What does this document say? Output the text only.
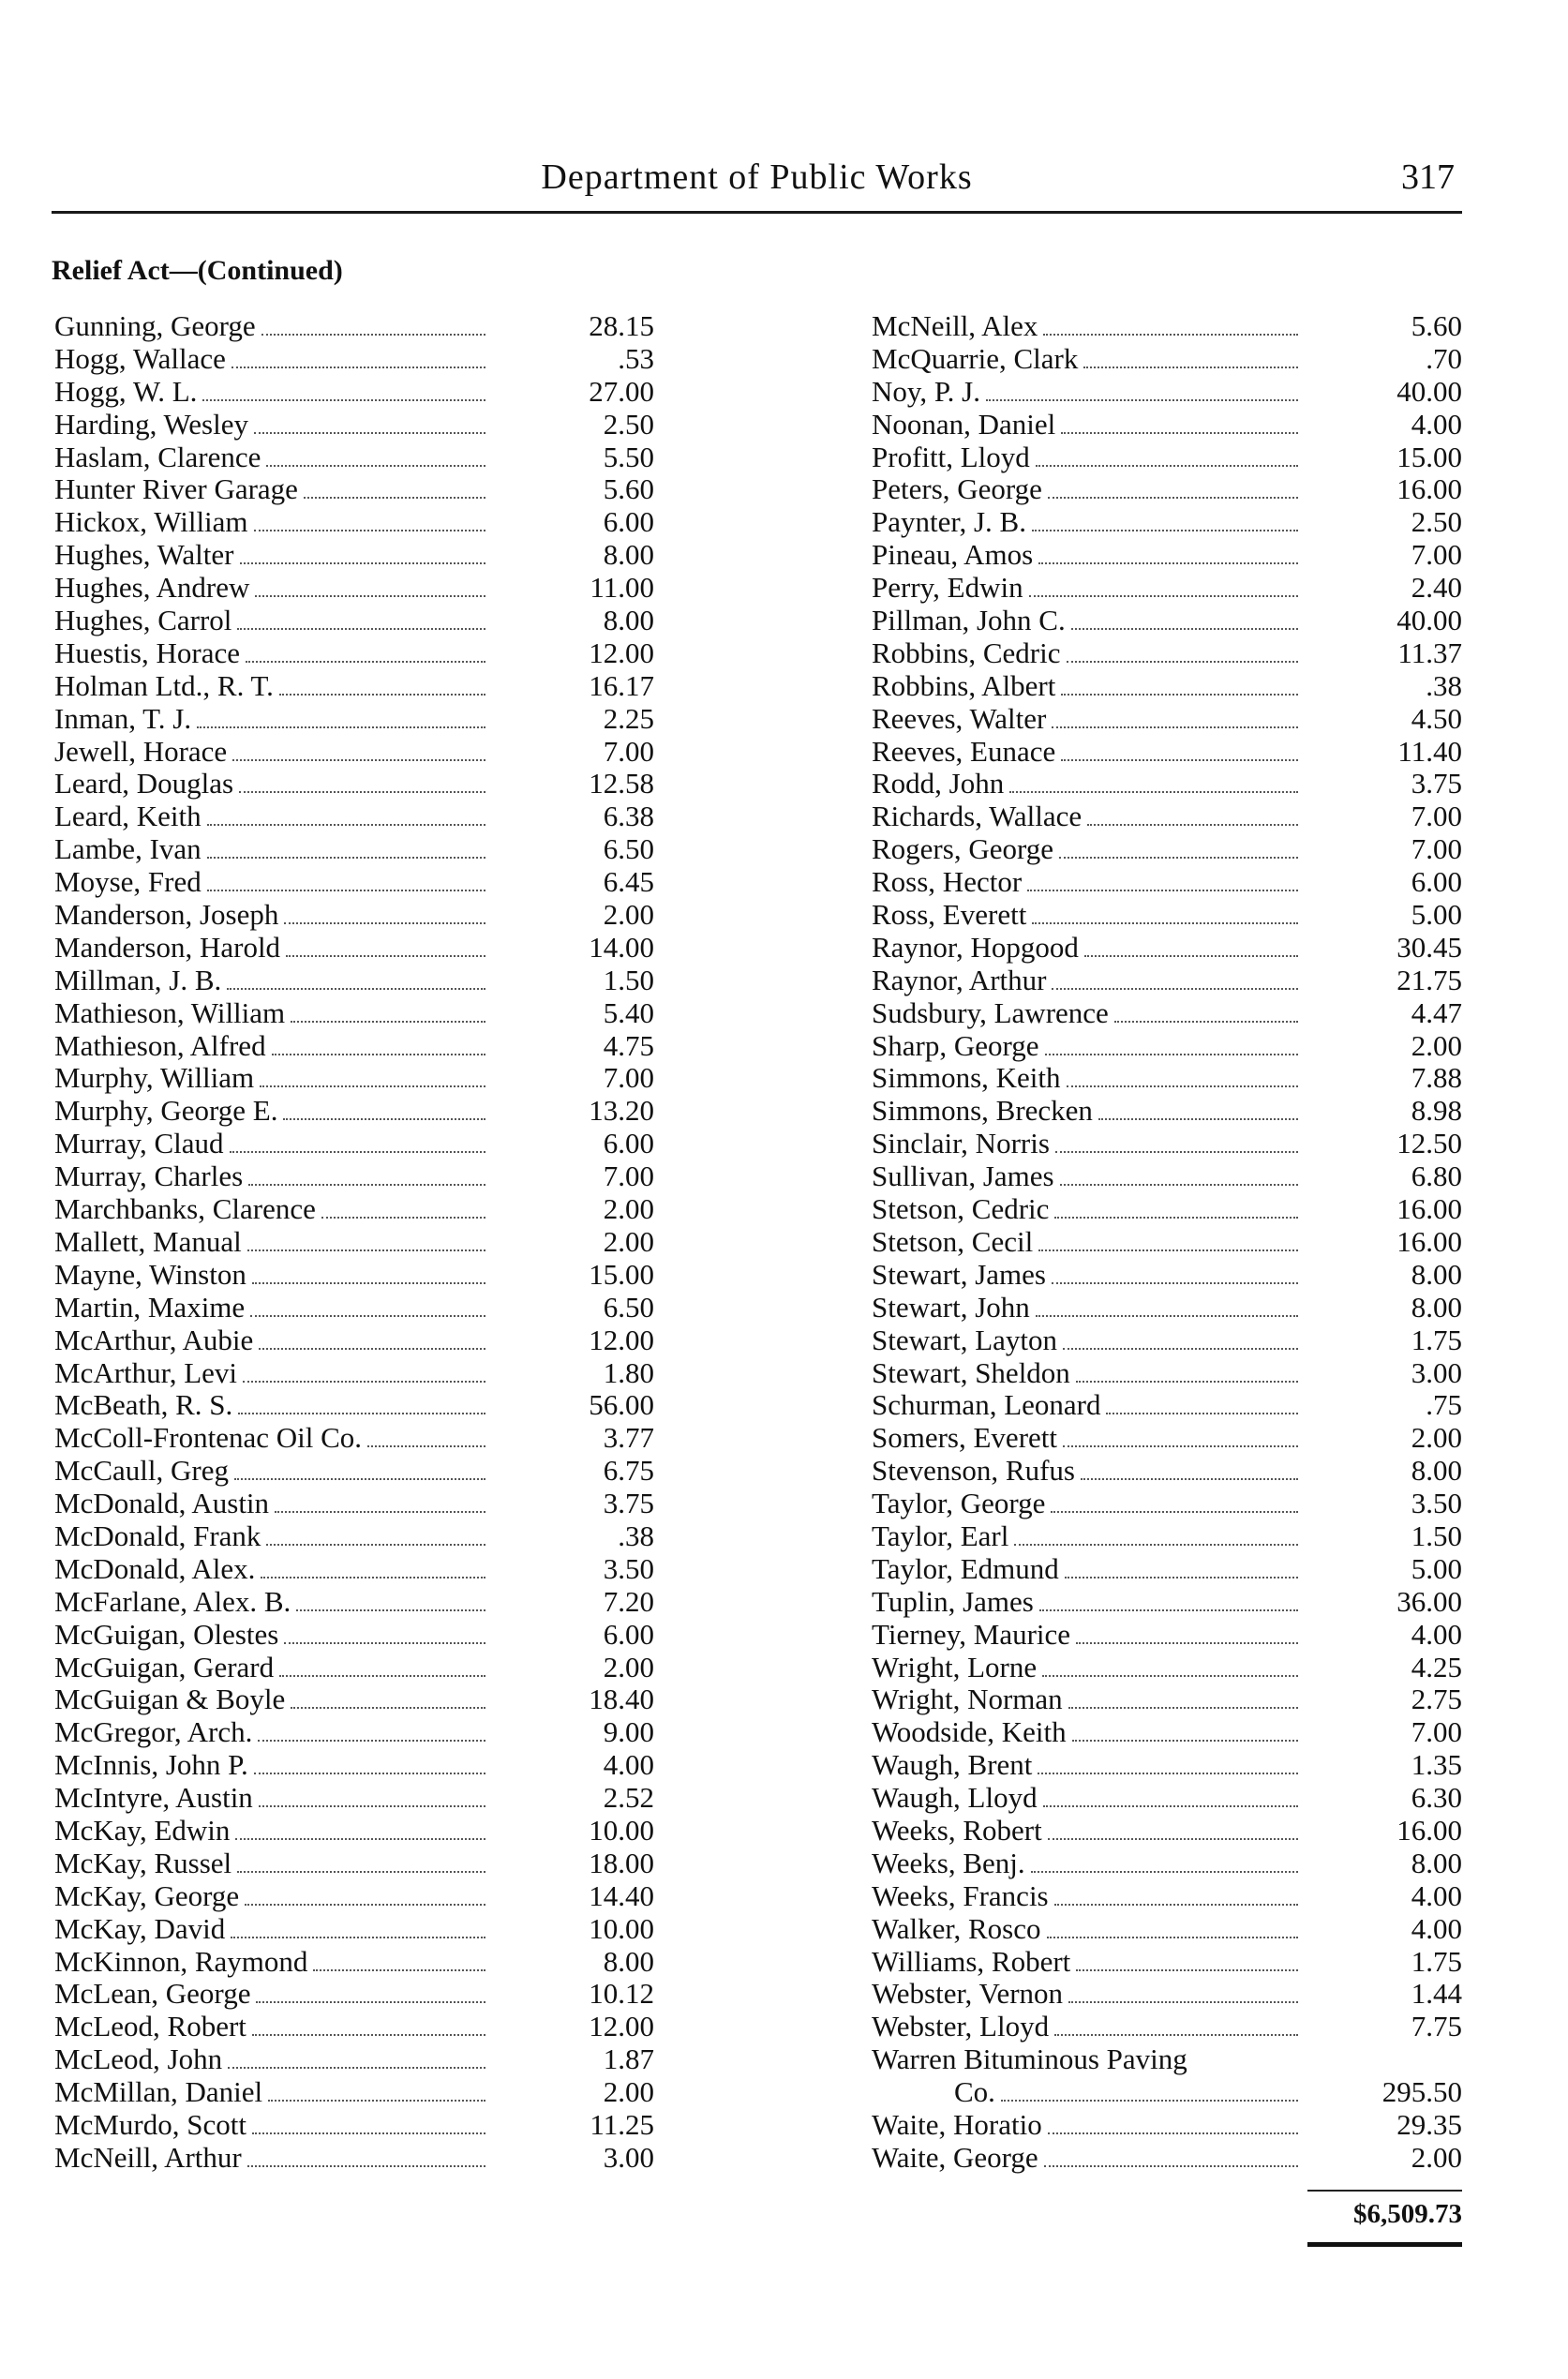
Department of Public Works	317
Relief Act—(Continued)
Gunning, George	28.15
Hogg, Wallace	.53
Hogg, W. L.	27.00
Harding, Wesley	2.50
Haslam, Clarence	5.50
Hunter River Garage	5.60
Hickox, William	6.00
Hughes, Walter	8.00
Hughes, Andrew	11.00
Hughes, Carrol	8.00
Huestis, Horace	12.00
Holman Ltd., R. T.	16.17
Inman, T. J.	2.25
Jewell, Horace	7.00
Leard, Douglas	12.58
Leard, Keith	6.38
Lambe, Ivan	6.50
Moyse, Fred	6.45
Manderson, Joseph	2.00
Manderson, Harold	14.00
Millman, J. B.	1.50
Mathieson, William	5.40
Mathieson, Alfred	4.75
Murphy, William	7.00
Murphy, George E.	13.20
Murray, Claud	6.00
Murray, Charles	7.00
Marchbanks, Clarence	2.00
Mallett, Manual	2.00
Mayne, Winston	15.00
Martin, Maxime	6.50
McArthur, Aubie	12.00
McArthur, Levi	1.80
McBeath, R. S.	56.00
McColl-Frontenac Oil Co.	3.77
McCaull, Greg	6.75
McDonald, Austin	3.75
McDonald, Frank	.38
McDonald, Alex.	3.50
McFarlane, Alex. B.	7.20
McGuigan, Olestes	6.00
McGuigan, Gerard	2.00
McGuigan & Boyle	18.40
McGregor, Arch.	9.00
McInnis, John P.	4.00
McIntyre, Austin	2.52
McKay, Edwin	10.00
McKay, Russel	18.00
McKay, George	14.40
McKay, David	10.00
McKinnon, Raymond	8.00
McLean, George	10.12
McLeod, Robert	12.00
McLeod, John	1.87
McMillan, Daniel	2.00
McMurdo, Scott	11.25
McNeill, Arthur	3.00
McNeill, Alex	5.60
McQuarrie, Clark	.70
Noy, P. J.	40.00
Noonan, Daniel	4.00
Profitt, Lloyd	15.00
Peters, George	16.00
Paynter, J. B.	2.50
Pineau, Amos	7.00
Perry, Edwin	2.40
Pillman, John C.	40.00
Robbins, Cedric	11.37
Robbins, Albert	.38
Reeves, Walter	4.50
Reeves, Eunace	11.40
Rodd, John	3.75
Richards, Wallace	7.00
Rogers, George	7.00
Ross, Hector	6.00
Ross, Everett	5.00
Raynor, Hopgood	30.45
Raynor, Arthur	21.75
Sudsbury, Lawrence	4.47
Sharp, George	2.00
Simmons, Keith	7.88
Simmons, Brecken	8.98
Sinclair, Norris	12.50
Sullivan, James	6.80
Stetson, Cedric	16.00
Stetson, Cecil	16.00
Stewart, James	8.00
Stewart, John	8.00
Stewart, Layton	1.75
Stewart, Sheldon	3.00
Schurman, Leonard	.75
Somers, Everett	2.00
Stevenson, Rufus	8.00
Taylor, George	3.50
Taylor, Earl	1.50
Taylor, Edmund	5.00
Tuplin, James	36.00
Tierney, Maurice	4.00
Wright, Lorne	4.25
Wright, Norman	2.75
Woodside, Keith	7.00
Waugh, Brent	1.35
Waugh, Lloyd	6.30
Weeks, Robert	16.00
Weeks, Benj.	8.00
Weeks, Francis	4.00
Walker, Rosco	4.00
Williams, Robert	1.75
Webster, Vernon	1.44
Webster, Lloyd	7.75
Warren Bituminous Paving
Co.	295.50
Waite, Horatio	29.35
Waite, George	2.00
$6,509.73
